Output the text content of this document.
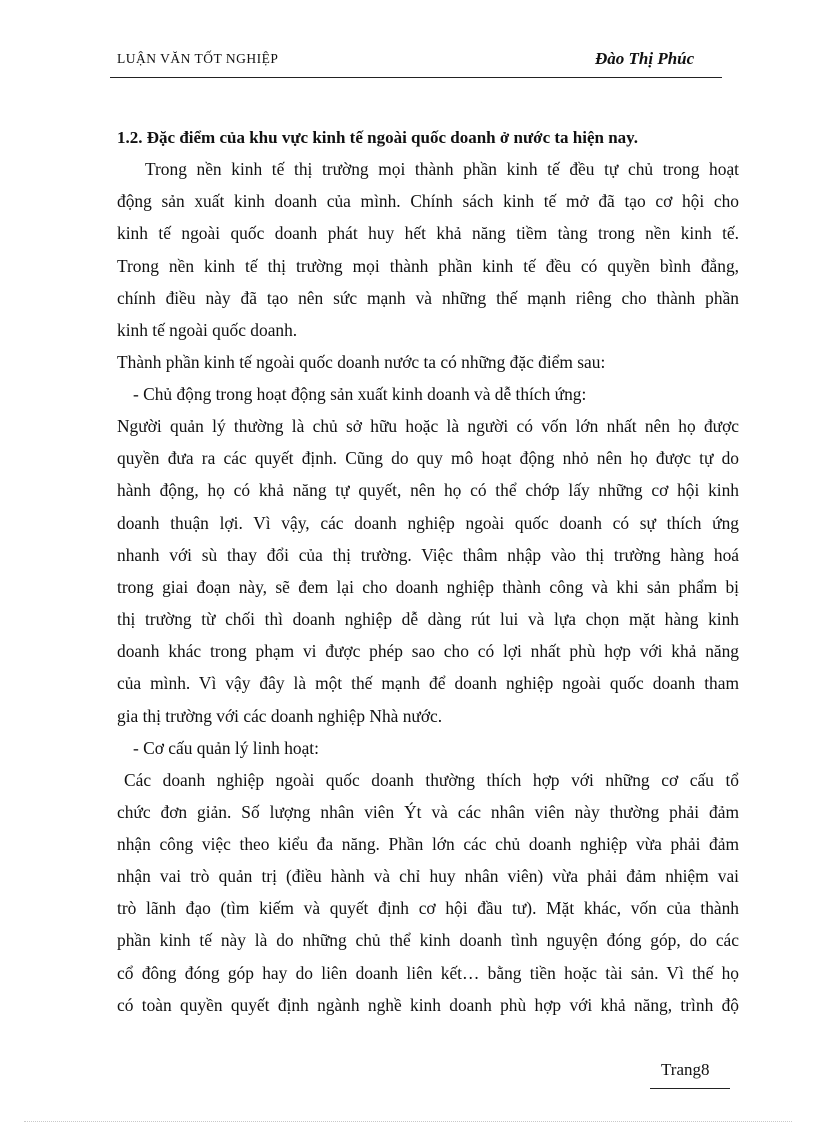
LUẬN VĂN TỐT NGHIỆP	Đào Thị Phúc
1.2. Đặc điểm của khu vực kinh tế ngoài quốc doanh ở nước ta hiện nay.
Trong nền kinh tế thị trường mọi thành phần kinh tế đều tự chủ trong hoạt
động sản xuất kinh doanh của mình. Chính sách kinh tế mở đã tạo cơ hội cho
kinh tế ngoài quốc doanh phát huy hết khả năng tiềm tàng trong nền kinh tế.
Trong nền kinh tế thị trường mọi thành phần kinh tế đều có quyền bình đẳng,
chính điều này đã tạo nên sức mạnh và những thế mạnh riêng cho thành phần
kinh tế ngoài quốc doanh.
Thành phần kinh tế ngoài quốc doanh nước ta có những đặc điểm sau:
- Chủ động trong hoạt động sản xuất kinh doanh và dễ thích ứng:
Người quản lý thường là chủ sở hữu hoặc là người có vốn lớn nhất nên họ được
quyền đưa ra các quyết định. Cũng do quy mô hoạt động nhỏ nên họ được tự do
hành động, họ có khả năng tự quyết, nên họ có thể chớp lấy những cơ hội kinh
doanh thuận lợi. Vì vậy, các doanh nghiệp ngoài quốc doanh có sự thích ứng
nhanh với sù thay đổi của thị trường. Việc thâm nhập vào thị trường hàng hoá
trong giai đoạn này, sẽ đem lại cho doanh nghiệp thành công và khi sản phẩm bị
thị trường từ chối thì doanh nghiệp dễ dàng rút lui và lựa chọn mặt hàng kinh
doanh khác trong phạm vi được phép sao cho có lợi nhất phù hợp với khả năng
của mình. Vì vậy đây là một thế mạnh để doanh nghiệp ngoài quốc doanh tham
gia thị trường với các doanh nghiệp Nhà nước.
- Cơ cấu quản lý linh hoạt:
Các doanh nghiệp ngoài quốc doanh thường thích hợp với những cơ cấu tổ
chức đơn giản. Số lượng nhân viên Ýt và các nhân viên này thường phải đảm
nhận công việc theo kiểu đa năng. Phần lớn các chủ doanh nghiệp vừa phải đảm
nhận vai trò quản trị (điều hành và chỉ huy nhân viên) vừa phải đảm nhiệm vai
trò lãnh đạo (tìm kiếm và quyết định cơ hội đầu tư). Mặt khác, vốn của thành
phần kinh tế này là do những chủ thể kinh doanh tình nguyện đóng góp, do các
cổ đông đóng góp hay do liên doanh liên kết… bằng tiền hoặc tài sản. Vì thế họ
có toàn quyền quyết định ngành nghề kinh doanh phù hợp với khả năng, trình độ
Trang8
